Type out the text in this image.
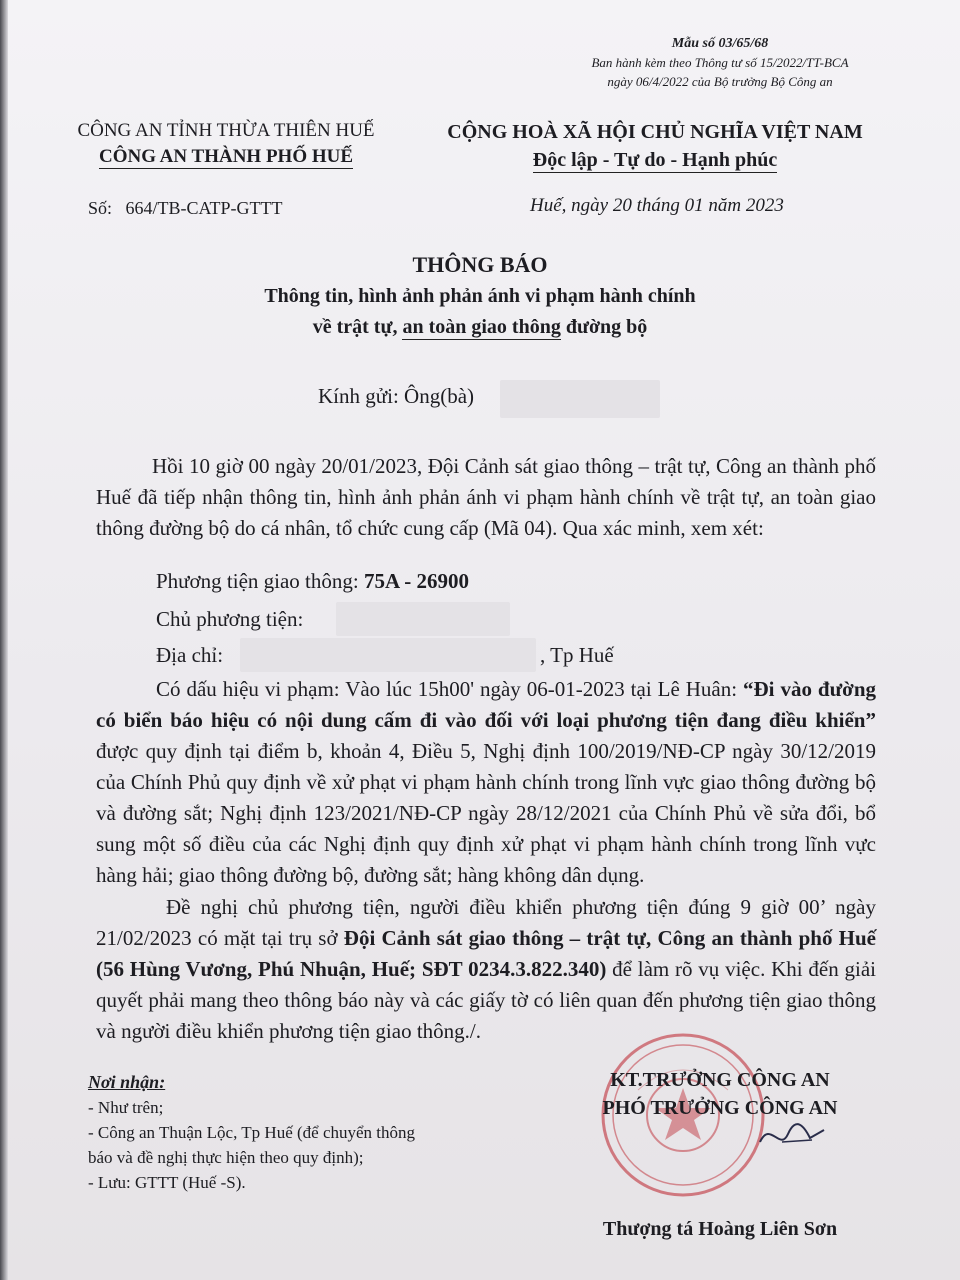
Mẫu số 03/65/68
Ban hành kèm theo Thông tư số 15/2022/TT-BCA
ngày 06/4/2022 của Bộ trưởng Bộ Công an
CÔNG AN TỈNH THỪA THIÊN HUẾ
CÔNG AN THÀNH PHỐ HUẾ
CỘNG HOÀ XÃ HỘI CHỦ NGHĨA VIỆT NAM
Độc lập - Tự do - Hạnh phúc
Số: 664/TB-CATP-GTTT	Huế, ngày 20 tháng 01 năm 2023
THÔNG BÁO
Thông tin, hình ảnh phản ánh vi phạm hành chính
về trật tự, an toàn giao thông đường bộ
Kính gửi: Ông(bà)
Hồi 10 giờ 00 ngày 20/01/2023, Đội Cảnh sát giao thông – trật tự, Công an thành phố Huế đã tiếp nhận thông tin, hình ảnh phản ánh vi phạm hành chính về trật tự, an toàn giao thông đường bộ do cá nhân, tổ chức cung cấp (Mã 04). Qua xác minh, xem xét:
Phương tiện giao thông: 75A - 26900
Chủ phương tiện:
Địa chỉ:	, Tp Huế
Có dấu hiệu vi phạm: Vào lúc 15h00' ngày 06-01-2023 tại Lê Huân: “Đi vào đường có biển báo hiệu có nội dung cấm đi vào đối với loại phương tiện đang điều khiển” được quy định tại điểm b, khoản 4, Điều 5, Nghị định 100/2019/NĐ-CP ngày 30/12/2019 của Chính Phủ quy định về xử phạt vi phạm hành chính trong lĩnh vực giao thông đường bộ và đường sắt; Nghị định 123/2021/NĐ-CP ngày 28/12/2021 của Chính Phủ về sửa đổi, bổ sung một số điều của các Nghị định quy định xử phạt vi phạm hành chính trong lĩnh vực hàng hải; giao thông đường bộ, đường sắt; hàng không dân dụng.
Đề nghị chủ phương tiện, người điều khiển phương tiện đúng 9 giờ 00’ ngày 21/02/2023 có mặt tại trụ sở Đội Cảnh sát giao thông – trật tự, Công an thành phố Huế (56 Hùng Vương, Phú Nhuận, Huế; SĐT 0234.3.822.340) để làm rõ vụ việc. Khi đến giải quyết phải mang theo thông báo này và các giấy tờ có liên quan đến phương tiện giao thông và người điều khiển phương tiện giao thông./.
Nơi nhận:
- Như trên;
- Công an Thuận Lộc, Tp Huế (để chuyển thông
báo và đề nghị thực hiện theo quy định);
- Lưu: GTTT (Huế -S).
KT.TRƯỞNG CÔNG AN
PHÓ TRƯỞNG CÔNG AN
Thượng tá Hoàng Liên Sơn
